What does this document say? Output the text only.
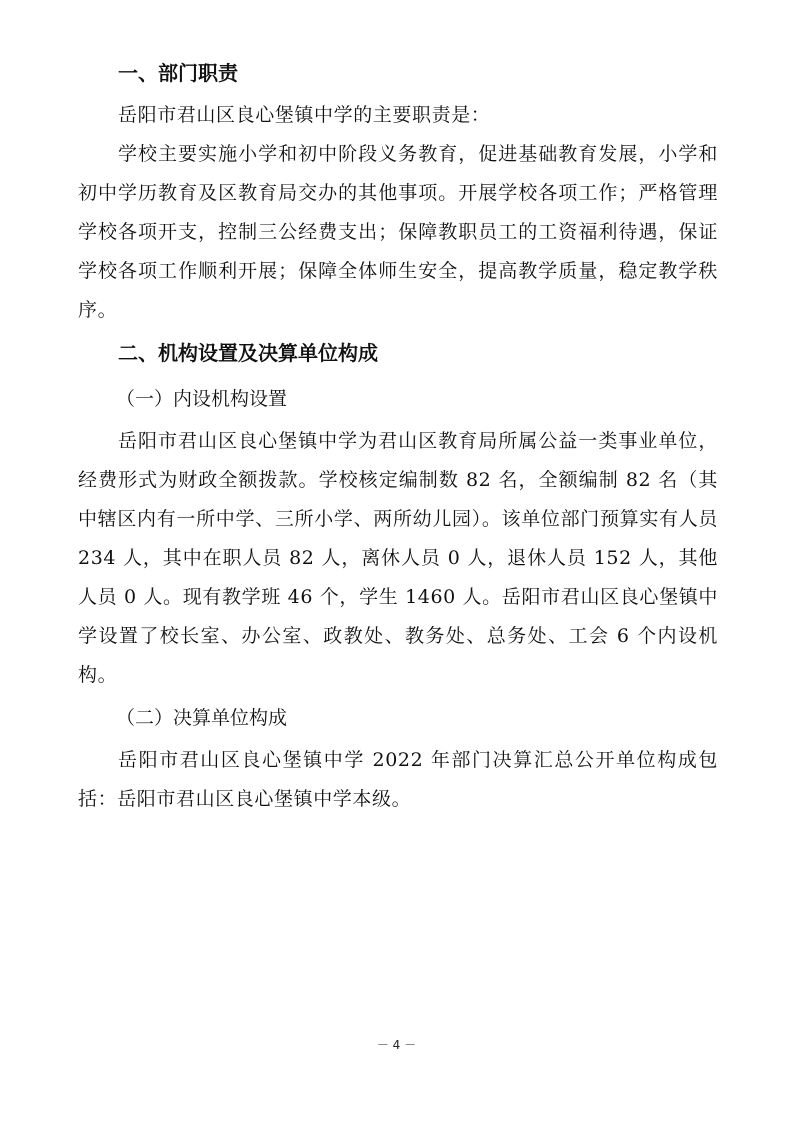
一、部门职责

岳阳市君山区良心堡镇中学的主要职责是：

学校主要实施小学和初中阶段义务教育，促进基础教育发展，小学和初中学历教育及区教育局交办的其他事项。开展学校各项工作；严格管理学校各项开支，控制三公经费支出；保障教职员工的工资福利待遇，保证学校各项工作顺利开展；保障全体师生安全，提高教学质量，稳定教学秩序。

二、机构设置及决算单位构成

（一）内设机构设置

岳阳市君山区良心堡镇中学为君山区教育局所属公益一类事业单位，经费形式为财政全额拨款。学校核定编制数 82 名，全额编制 82 名（其中辖区内有一所中学、三所小学、两所幼儿园）。该单位部门预算实有人员 234 人，其中在职人员 82 人，离休人员 0 人，退休人员 152 人，其他人员 0 人。现有教学班 46 个，学生 1460 人。岳阳市君山区良心堡镇中学设置了校长室、办公室、政教处、教务处、总务处、工会 6 个内设机构。

（二）决算单位构成

岳阳市君山区良心堡镇中学 2022 年部门决算汇总公开单位构成包括：岳阳市君山区良心堡镇中学本级。

－ 4 －
